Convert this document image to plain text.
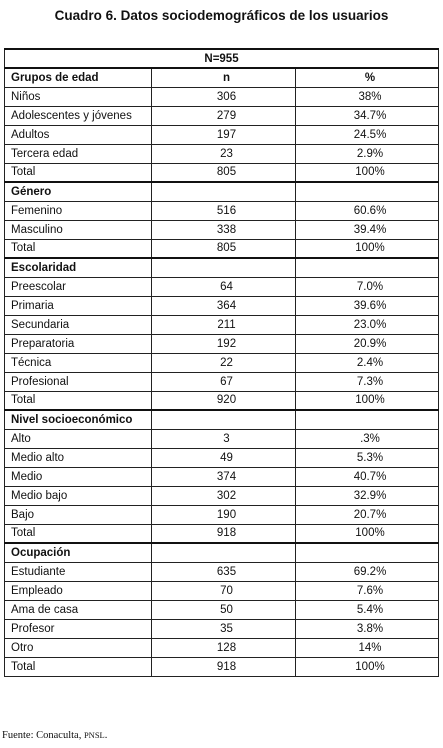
Cuadro 6. Datos sociodemográficos de los usuarios
N=955		
Grupos de edad	n	%
Niños	306	38%
Adolescentes y jóvenes	279	34.7%
Adultos	197	24.5%
Tercera edad	23	2.9%
Total	805	100%
Género		
Femenino	516	60.6%
Masculino	338	39.4%
Total	805	100%
Escolaridad		
Preescolar	64	7.0%
Primaria	364	39.6%
Secundaria	211	23.0%
Preparatoria	192	20.9%
Técnica	22	2.4%
Profesional	67	7.3%
Total	920	100%
Nivel socioeconómico		
Alto	3	.3%
Medio alto	49	5.3%
Medio	374	40.7%
Medio bajo	302	32.9%
Bajo	190	20.7%
Total	918	100%
Ocupación		
Estudiante	635	69.2%
Empleado	70	7.6%
Ama de casa	50	5.4%
Profesor	35	3.8%
Otro	128	14%
Total	918	100%
Fuente: Conaculta, PNSL.
